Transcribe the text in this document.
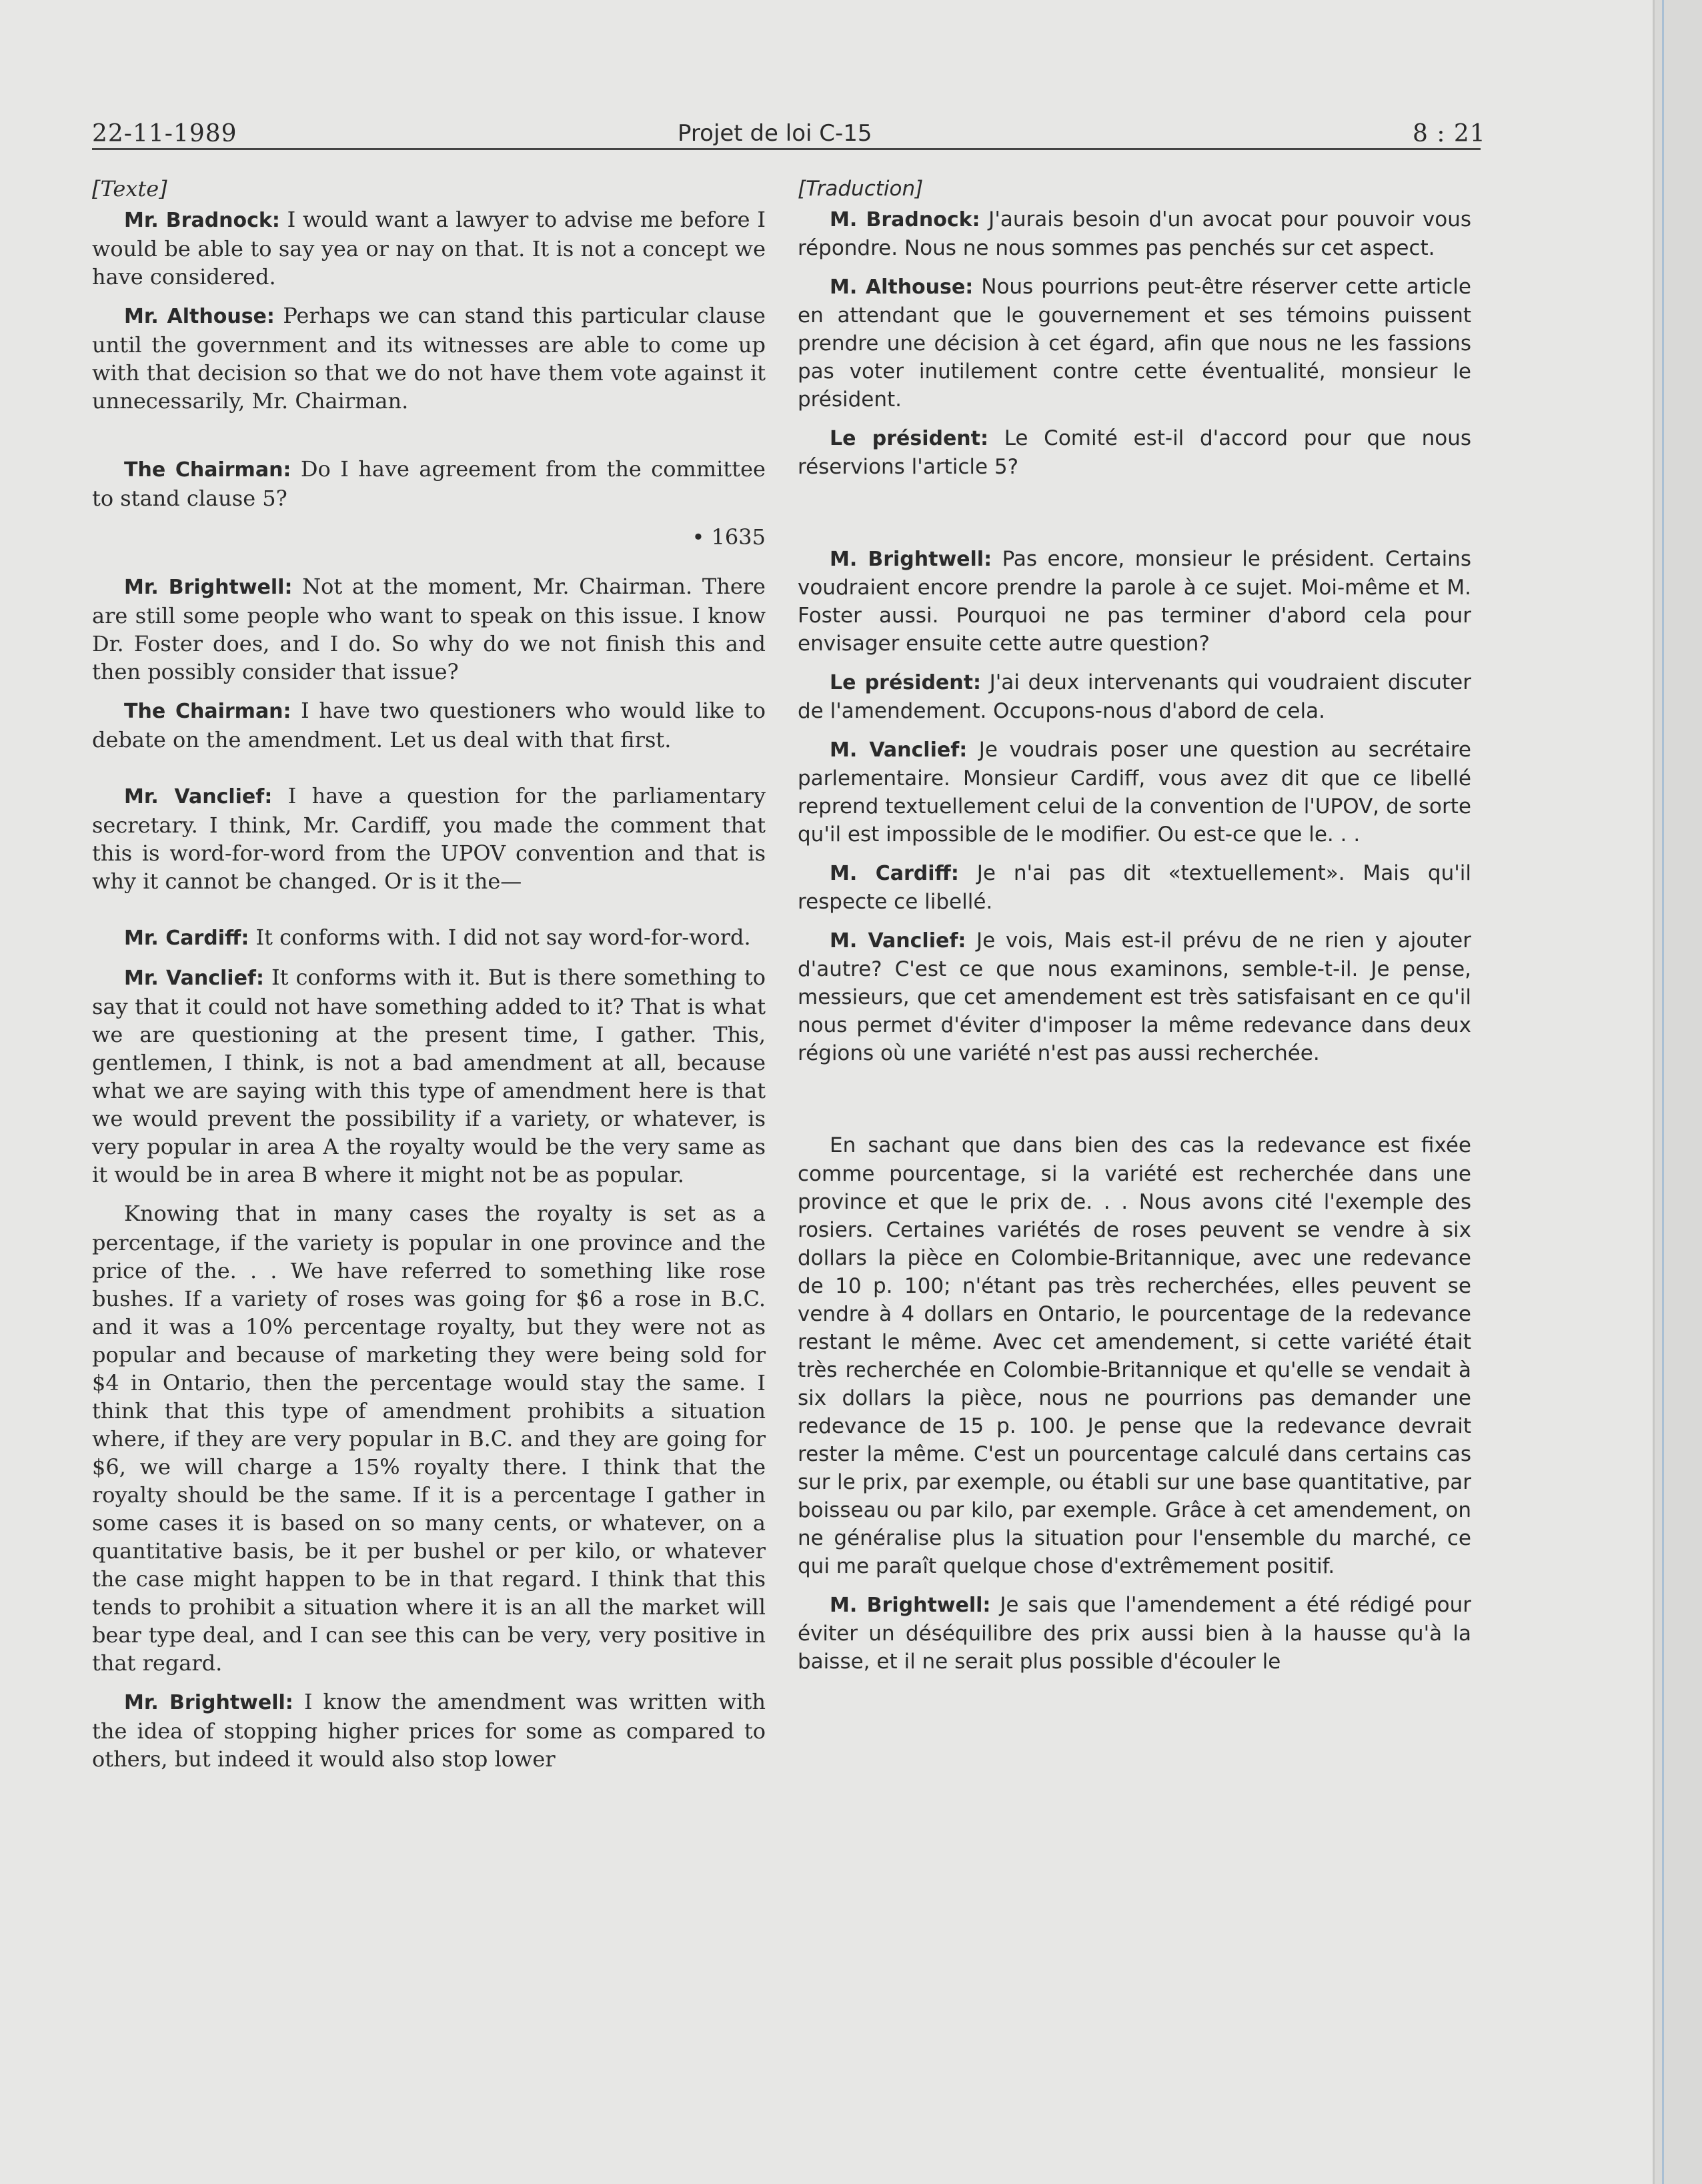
22-11-1989	Projet de loi C-15	8 : 21

[Texte]

Mr. Bradnock: I would want a lawyer to advise me before I would be able to say yea or nay on that. It is not a concept we have considered.

Mr. Althouse: Perhaps we can stand this particular clause until the government and its witnesses are able to come up with that decision so that we do not have them vote against it unnecessarily, Mr. Chairman.

The Chairman: Do I have agreement from the committee to stand clause 5?

• 1635

Mr. Brightwell: Not at the moment, Mr. Chairman. There are still some people who want to speak on this issue. I know Dr. Foster does, and I do. So why do we not finish this and then possibly consider that issue?

The Chairman: I have two questioners who would like to debate on the amendment. Let us deal with that first.

Mr. Vanclief: I have a question for the parliamentary secretary. I think, Mr. Cardiff, you made the comment that this is word-for-word from the UPOV convention and that is why it cannot be changed. Or is it the—

Mr. Cardiff: It conforms with. I did not say word-for-word.

Mr. Vanclief: It conforms with it. But is there something to say that it could not have something added to it? That is what we are questioning at the present time, I gather. This, gentlemen, I think, is not a bad amendment at all, because what we are saying with this type of amendment here is that we would prevent the possibility if a variety, or whatever, is very popular in area A the royalty would be the very same as it would be in area B where it might not be as popular.

Knowing that in many cases the royalty is set as a percentage, if the variety is popular in one province and the price of the. . . We have referred to something like rose bushes. If a variety of roses was going for $6 a rose in B.C. and it was a 10% percentage royalty, but they were not as popular and because of marketing they were being sold for $4 in Ontario, then the percentage would stay the same. I think that this type of amendment prohibits a situation where, if they are very popular in B.C. and they are going for $6, we will charge a 15% royalty there. I think that the royalty should be the same. If it is a percentage I gather in some cases it is based on so many cents, or whatever, on a quantitative basis, be it per bushel or per kilo, or whatever the case might happen to be in that regard. I think that this tends to prohibit a situation where it is an all the market will bear type deal, and I can see this can be very, very positive in that regard.

Mr. Brightwell: I know the amendment was written with the idea of stopping higher prices for some as compared to others, but indeed it would also stop lower

[Traduction]

M. Bradnock: J'aurais besoin d'un avocat pour pouvoir vous répondre. Nous ne nous sommes pas penchés sur cet aspect.

M. Althouse: Nous pourrions peut-être réserver cette article en attendant que le gouvernement et ses témoins puissent prendre une décision à cet égard, afin que nous ne les fassions pas voter inutilement contre cette éventualité, monsieur le président.

Le président: Le Comité est-il d'accord pour que nous réservions l'article 5?

M. Brightwell: Pas encore, monsieur le président. Certains voudraient encore prendre la parole à ce sujet. Moi-même et M. Foster aussi. Pourquoi ne pas terminer d'abord cela pour envisager ensuite cette autre question?

Le président: J'ai deux intervenants qui voudraient discuter de l'amendement. Occupons-nous d'abord de cela.

M. Vanclief: Je voudrais poser une question au secrétaire parlementaire. Monsieur Cardiff, vous avez dit que ce libellé reprend textuellement celui de la convention de l'UPOV, de sorte qu'il est impossible de le modifier. Ou est-ce que le. . .

M. Cardiff: Je n'ai pas dit «textuellement». Mais qu'il respecte ce libellé.

M. Vanclief: Je vois, Mais est-il prévu de ne rien y ajouter d'autre? C'est ce que nous examinons, semble-t-il. Je pense, messieurs, que cet amendement est très satisfaisant en ce qu'il nous permet d'éviter d'imposer la même redevance dans deux régions où une variété n'est pas aussi recherchée.

En sachant que dans bien des cas la redevance est fixée comme pourcentage, si la variété est recherchée dans une province et que le prix de. . . Nous avons cité l'exemple des rosiers. Certaines variétés de roses peuvent se vendre à six dollars la pièce en Colombie-Britannique, avec une redevance de 10 p. 100; n'étant pas très recherchées, elles peuvent se vendre à 4 dollars en Ontario, le pourcentage de la redevance restant le même. Avec cet amendement, si cette variété était très recherchée en Colombie-Britannique et qu'elle se vendait à six dollars la pièce, nous ne pourrions pas demander une redevance de 15 p. 100. Je pense que la redevance devrait rester la même. C'est un pourcentage calculé dans certains cas sur le prix, par exemple, ou établi sur une base quantitative, par boisseau ou par kilo, par exemple. Grâce à cet amendement, on ne généralise plus la situation pour l'ensemble du marché, ce qui me paraît quelque chose d'extrêmement positif.

M. Brightwell: Je sais que l'amendement a été rédigé pour éviter un déséquilibre des prix aussi bien à la hausse qu'à la baisse, et il ne serait plus possible d'écouler le
